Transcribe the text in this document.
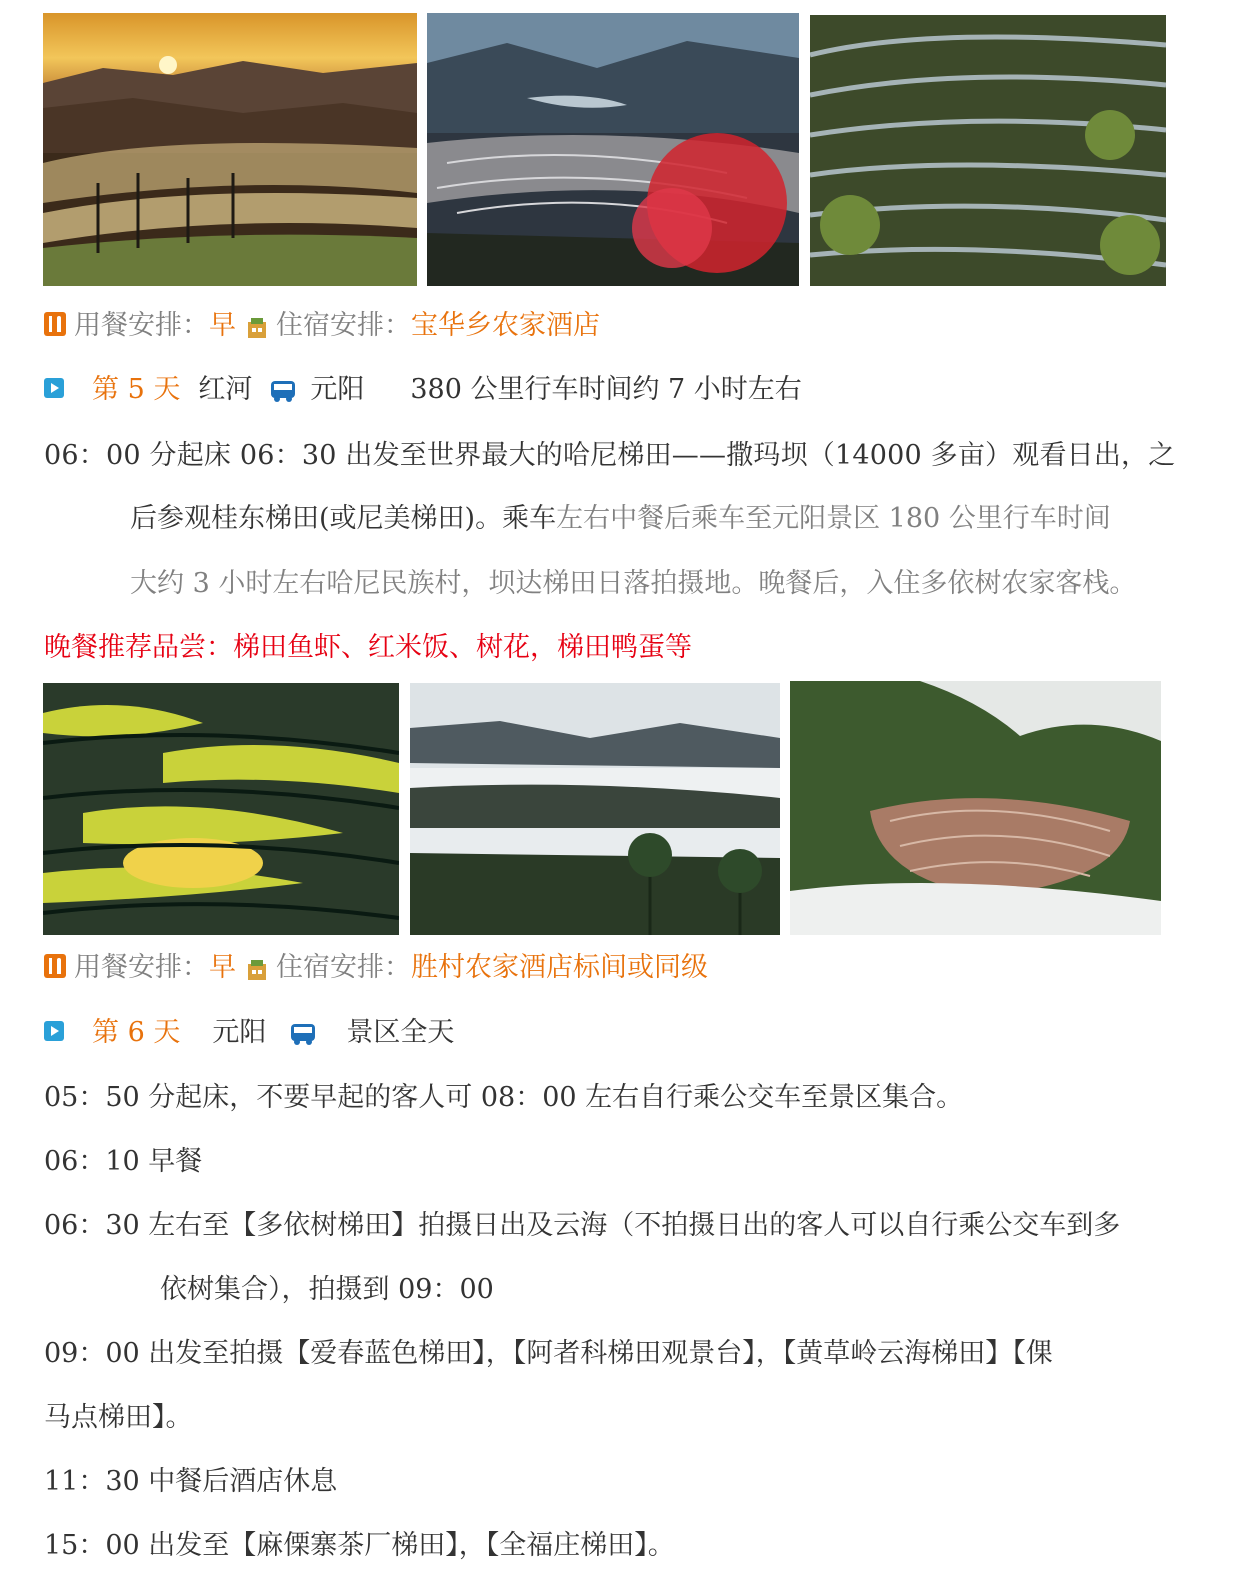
用餐安排：早 住宿安排：宝华乡农家酒店
第 5 天 红河 元阳 380 公里行车时间约 7 小时左右
06：00 分起床 06：30 出发至世界最大的哈尼梯田——撒玛坝（14000 多亩）观看日出，之
后参观桂东梯田(或尼美梯田)。乘车左右中餐后乘车至元阳景区 180 公里行车时间
大约 3 小时左右哈尼民族村，坝达梯田日落拍摄地。晚餐后，入住多依树农家客栈。
晚餐推荐品尝：梯田鱼虾、红米饭、树花，梯田鸭蛋等
用餐安排：早 住宿安排：胜村农家酒店标间或同级
第 6 天 元阳	景区全天
05：50 分起床，不要早起的客人可 08：00 左右自行乘公交车至景区集合。
06：10 早餐
06：30 左右至【多依树梯田】拍摄日出及云海（不拍摄日出的客人可以自行乘公交车到多
依树集合），拍摄到 09：00
09：00 出发至拍摄【爱春蓝色梯田】，【阿者科梯田观景台】，【黄草岭云海梯田】【倮
马点梯田】。
11：30 中餐后酒店休息
15：00 出发至【麻傈寨茶厂梯田】，【全福庄梯田】。
